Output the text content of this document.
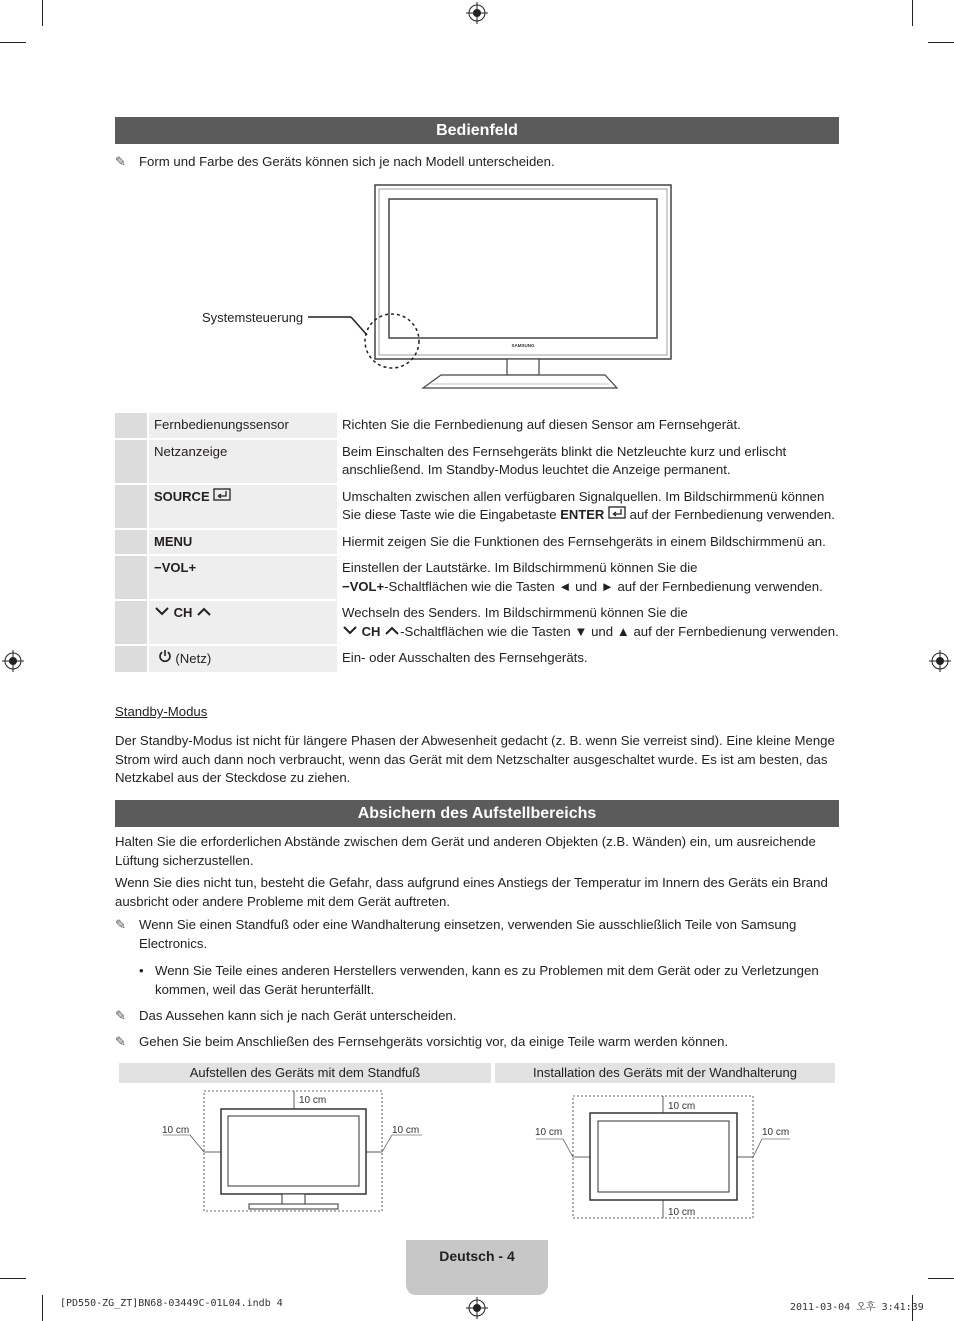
Bedienfeld
✎ Form und Farbe des Geräts können sich je nach Modell unterscheiden.
Systemsteuerung
SAMSUNG
Fernbedienungssensor	Richten Sie die Fernbedienung auf diesen Sensor am Fernsehgerät.
Netzanzeige	Beim Einschalten des Fernsehgeräts blinkt die Netzleuchte kurz und erlischt anschließend. Im Standby-Modus leuchtet die Anzeige permanent.
SOURCE	Umschalten zwischen allen verfügbaren Signalquellen. Im Bildschirmmenü können Sie diese Taste wie die Eingabetaste ENTER  auf der Fernbedienung verwenden.
MENU	Hiermit zeigen Sie die Funktionen des Fernsehgeräts in einem Bildschirmmenü an.
−VOL+	Einstellen der Lautstärke. Im Bildschirmmenü können Sie die
−VOL+-Schaltflächen wie die Tasten ◄ und ► auf der Fernbedienung verwenden.
CH	Wechseln des Senders. Im Bildschirmmenü können Sie die
CH -Schaltflächen wie die Tasten ▼ und ▲ auf der Fernbedienung verwenden.
(Netz)	Ein- oder Ausschalten des Fernsehgeräts.
Standby-Modus
Der Standby-Modus ist nicht für längere Phasen der Abwesenheit gedacht (z. B. wenn Sie verreist sind). Eine kleine Menge Strom wird auch dann noch verbraucht, wenn das Gerät mit dem Netzschalter ausgeschaltet wurde. Es ist am besten, das Netzkabel aus der Steckdose zu ziehen.
Absichern des Aufstellbereichs
Halten Sie die erforderlichen Abstände zwischen dem Gerät und anderen Objekten (z.B. Wänden) ein, um ausreichende Lüftung sicherzustellen.
Wenn Sie dies nicht tun, besteht die Gefahr, dass aufgrund eines Anstiegs der Temperatur im Innern des Geräts ein Brand ausbricht oder andere Probleme mit dem Gerät auftreten.
✎ Wenn Sie einen Standfuß oder eine Wandhalterung einsetzen, verwenden Sie ausschließlich Teile von Samsung Electronics.
• Wenn Sie Teile eines anderen Herstellers verwenden, kann es zu Problemen mit dem Gerät oder zu Verletzungen kommen, weil das Gerät herunterfällt.
✎ Das Aussehen kann sich je nach Gerät unterscheiden.
✎ Gehen Sie beim Anschließen des Fernsehgeräts vorsichtig vor, da einige Teile warm werden können.
Aufstellen des Geräts mit dem Standfuß	Installation des Geräts mit der Wandhalterung
10 cm
10 cm	10 cm
10 cm
10 cm
10 cm	10 cm
Deutsch - 4
[PD550-ZG_ZT]BN68-03449C-01L04.indb 4	2011-03-04 오후 3:41:39
